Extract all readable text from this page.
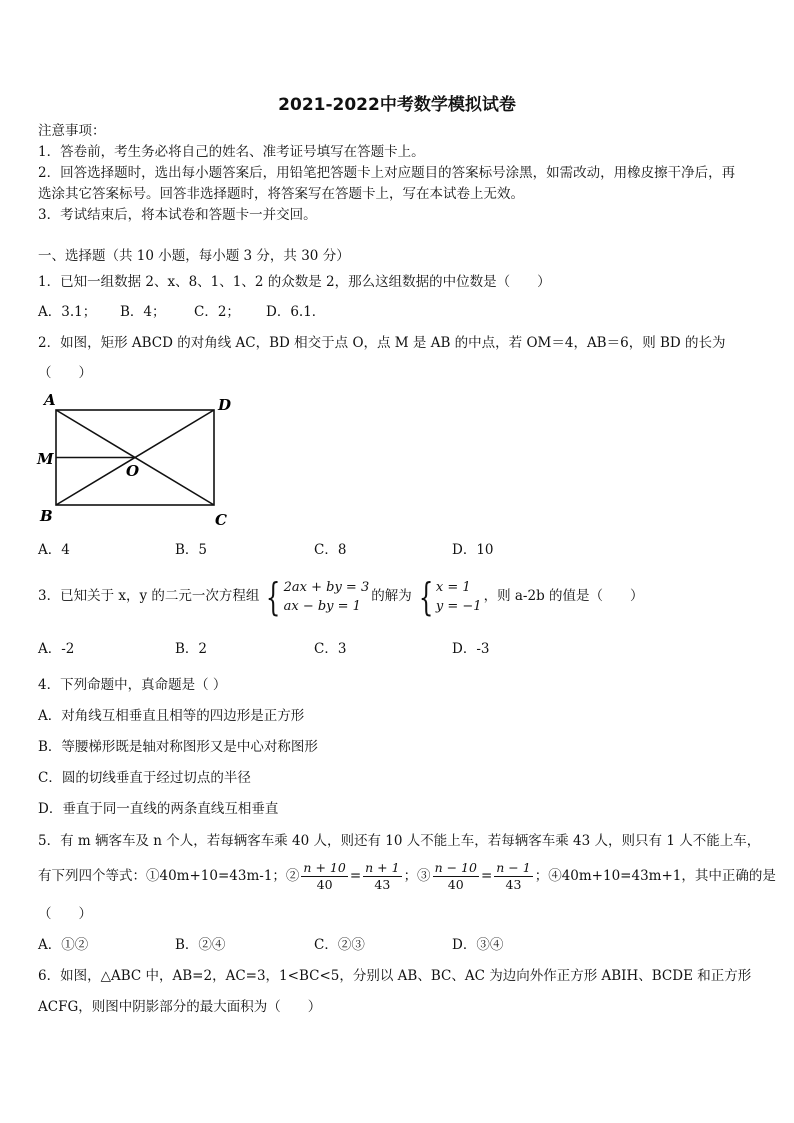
2021-2022中考数学模拟试卷
注意事项：
1．答卷前，考生务必将自己的姓名、准考证号填写在答题卡上。
2．回答选择题时，选出每小题答案后，用铅笔把答题卡上对应题目的答案标号涂黑，如需改动，用橡皮擦干净后，再
选涂其它答案标号。回答非选择题时，将答案写在答题卡上，写在本试卷上无效。
3．考试结束后，将本试卷和答题卡一并交回。
一、选择题（共 10 小题，每小题 3 分，共 30 分）
1．已知一组数据 2、x、8、1、1、2 的众数是 2，那么这组数据的中位数是（　　）
A．3.1； B．4； C．2； D．6.1．
2．如图，矩形 ABCD 的对角线 AC，BD 相交于点 O，点 M 是 AB 的中点，若 OM＝4，AB＝6，则 BD 的长为
（　　）
A	D
M
O
B	C
A．4	B．5	C．8	D．10
3．已知关于 x，y 的二元一次方程组 { 2ax + by = 3
ax − by = 1
的解为 { x = 1
y = −1
，则 a-2b 的值是（　　）
A．-2	B．2	C．3	D．-3
4．下列命题中，真命题是（ ）
A．对角线互相垂直且相等的四边形是正方形
B．等腰梯形既是轴对称图形又是中心对称图形
C．圆的切线垂直于经过切点的半径
D．垂直于同一直线的两条直线互相垂直
5．有 m 辆客车及 n 个人，若每辆客车乘 40 人，则还有 10 人不能上车，若每辆客车乘 43 人，则只有 1 人不能上车，
有下列四个等式：①40m+10=43m-1；② $\frac{n + 10}{40} = \frac{n + 1}{43}$ ；③ $\frac{n - 10}{40} = \frac{n - 1}{43}$ ；④40m+10=43m+1，其中正确的是
（　　）
A．①②	B．②④	C．②③	D．③④
6．如图，△ABC 中，AB=2，AC=3，1<BC<5，分别以 AB、BC、AC 为边向外作正方形 ABIH、BCDE 和正方形
ACFG，则图中阴影部分的最大面积为（　　）
